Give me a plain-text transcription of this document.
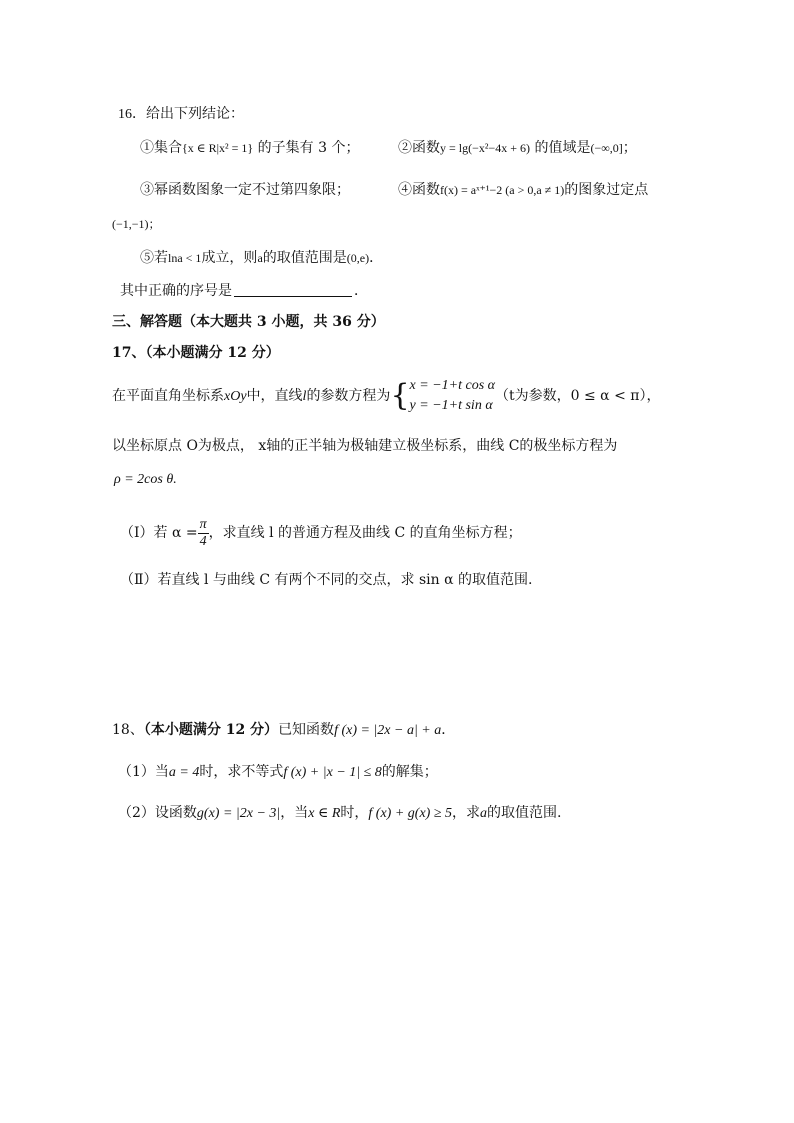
16．给出下列结论：
①集合{x ∈ R|x² = 1} 的子集有 3 个；	②函数y = lg(−x²−4x + 6) 的值域是(−∞,0]；
③幂函数图象一定不过第四象限；	④函数f(x) = aˣ⁺¹−2 (a > 0,a ≠ 1)的图象过定点
(−1,−1)；
⑤若lna < 1成立，则a的取值范围是(0,e)．
其中正确的序号是	．
三、解答题（本大题共 3 小题，共 36 分）
17、（本小题满分 12 分）
在平面直角坐标系xOy中，直线l的参数方程为{ x = −1+t cos α
y = −1+t sin α
（t为参数，0 ≤ α < π），
以坐标原点 O为极点， x轴的正半轴为极轴建立极坐标系，曲线 C的极坐标方程为
ρ = 2cos θ.
（Ⅰ）若 $\alpha = \frac{\pi}{4}$ ，求直线 l 的普通方程及曲线 C 的直角坐标方程；
（Ⅱ）若直线 l 与曲线 C 有两个不同的交点，求 sin α 的取值范围.
18、（本小题满分 12 分）已知函数f (x) = |2x − a| + a．
（1）当a = 4时，求不等式f (x) + |x − 1| ≤ 8的解集；
（2）设函数g(x) = |2x − 3|，当x ∈ R时，f (x) + g(x) ≥ 5，求a的取值范围.
